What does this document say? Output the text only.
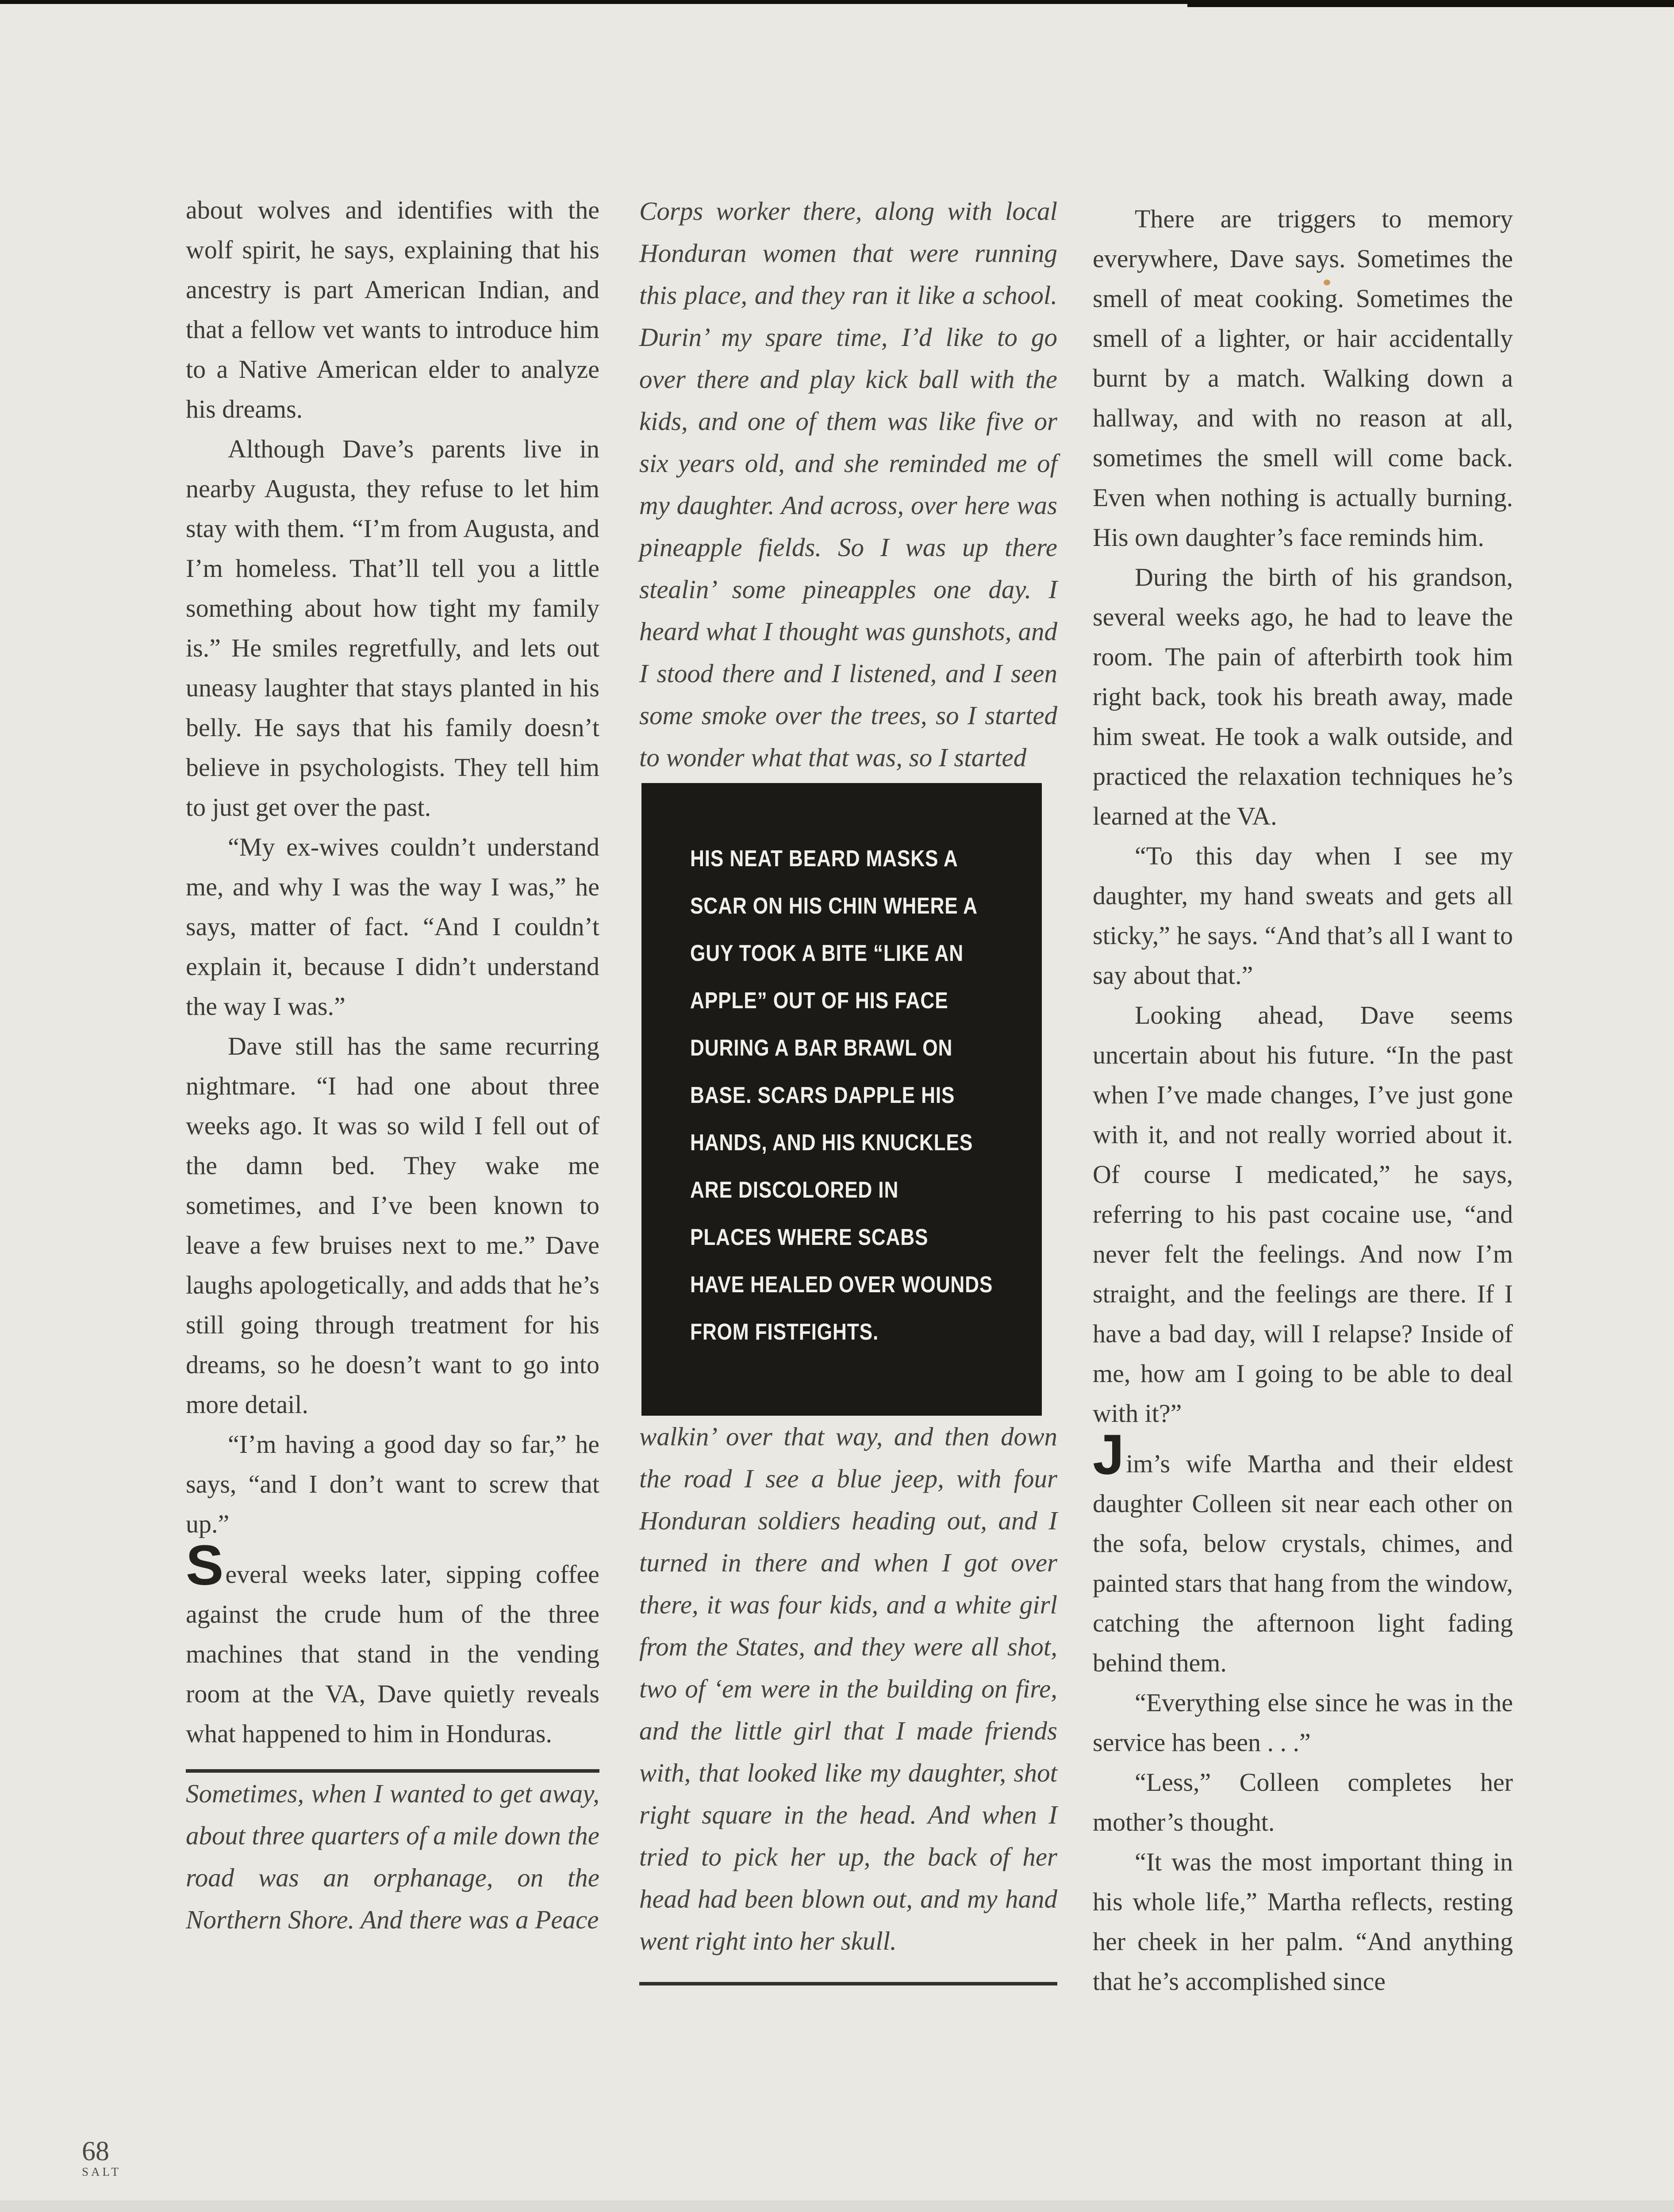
about wolves and identifies with the wolf spirit, he says, explaining that his ancestry is part American Indian, and that a fellow vet wants to introduce him to a Native American elder to analyze his dreams.

Although Dave’s parents live in nearby Augusta, they refuse to let him stay with them. “I’m from Augusta, and I’m homeless. That’ll tell you a little something about how tight my family is.” He smiles regretfully, and lets out uneasy laughter that stays planted in his belly. He says that his family doesn’t believe in psychologists. They tell him to just get over the past.

“My ex-wives couldn’t understand me, and why I was the way I was,” he says, matter of fact. “And I couldn’t explain it, because I didn’t understand the way I was.”

Dave still has the same recurring nightmare. “I had one about three weeks ago. It was so wild I fell out of the damn bed. They wake me sometimes, and I’ve been known to leave a few bruises next to me.” Dave laughs apologetically, and adds that he’s still going through treatment for his dreams, so he doesn’t want to go into more detail.

“I’m having a good day so far,” he says, “and I don’t want to screw that up.”

Several weeks later, sipping coffee against the crude hum of the three machines that stand in the vending room at the VA, Dave quietly reveals what happened to him in Honduras.

Sometimes, when I wanted to get away, about three quarters of a mile down the road was an orphanage, on the Northern Shore. And there was a Peace

Corps worker there, along with local Honduran women that were running this place, and they ran it like a school. Durin’ my spare time, I’d like to go over there and play kick ball with the kids, and one of them was like five or six years old, and she reminded me of my daughter. And across, over here was pineapple fields. So I was up there stealin’ some pineapples one day. I heard what I thought was gunshots, and I stood there and I listened, and I seen some smoke over the trees, so I started to wonder what that was, so I started

HIS NEAT BEARD MASKS A
SCAR ON HIS CHIN WHERE A
GUY TOOK A BITE “LIKE AN
APPLE” OUT OF HIS FACE
DURING A BAR BRAWL ON
BASE. SCARS DAPPLE HIS
HANDS, AND HIS KNUCKLES
ARE DISCOLORED IN
PLACES WHERE SCABS
HAVE HEALED OVER WOUNDS
FROM FISTFIGHTS.

walkin’ over that way, and then down the road I see a blue jeep, with four Honduran soldiers heading out, and I turned in there and when I got over there, it was four kids, and a white girl from the States, and they were all shot, two of ‘em were in the building on fire, and the little girl that I made friends with, that looked like my daughter, shot right square in the head. And when I tried to pick her up, the back of her head had been blown out, and my hand went right into her skull.

There are triggers to memory everywhere, Dave says. Sometimes the smell of meat cooking. Sometimes the smell of a lighter, or hair accidentally burnt by a match. Walking down a hallway, and with no reason at all, sometimes the smell will come back. Even when nothing is actually burning. His own daughter’s face reminds him.

During the birth of his grandson, several weeks ago, he had to leave the room. The pain of afterbirth took him right back, took his breath away, made him sweat. He took a walk outside, and practiced the relaxation techniques he’s learned at the VA.

“To this day when I see my daughter, my hand sweats and gets all sticky,” he says. “And that’s all I want to say about that.”

Looking ahead, Dave seems uncertain about his future. “In the past when I’ve made changes, I’ve just gone with it, and not really worried about it. Of course I medicated,” he says, referring to his past cocaine use, “and never felt the feelings. And now I’m straight, and the feelings are there. If I have a bad day, will I relapse? Inside of me, how am I going to be able to deal with it?”

Jim’s wife Martha and their eldest daughter Colleen sit near each other on the sofa, below crystals, chimes, and painted stars that hang from the window, catching the afternoon light fading behind them.

“Everything else since he was in the service has been . . .”

“Less,” Colleen completes her mother’s thought.

“It was the most important thing in his whole life,” Martha reflects, resting her cheek in her palm. “And anything that he’s accomplished since

68
SALT
